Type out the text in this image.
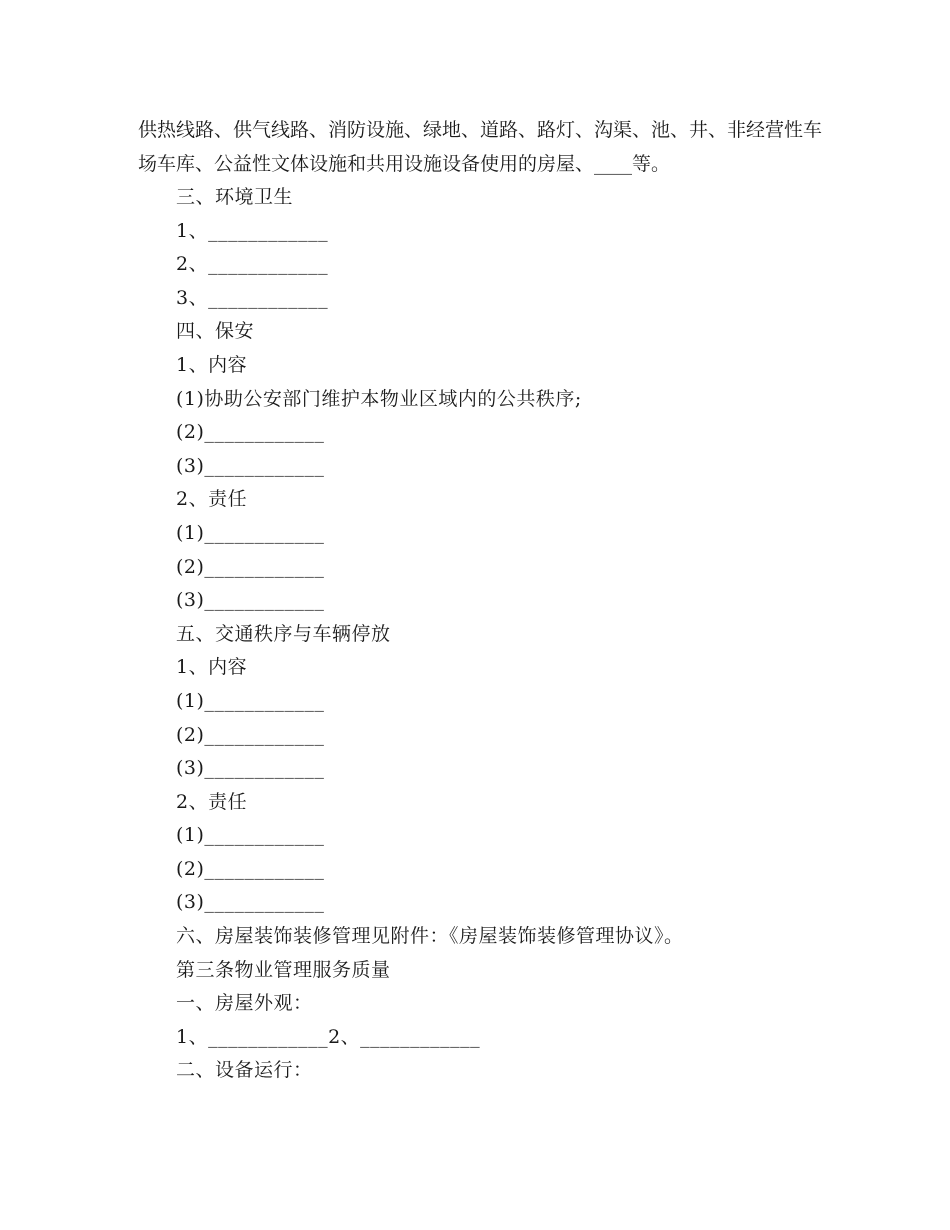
供热线路、供气线路、消防设施、绿地、道路、路灯、沟渠、池、井、非经营性车
场车库、公益性文体设施和共用设施设备使用的房屋、____等。
三、环境卫生
1、____________
2、____________
3、____________
四、保安
1、内容
(1)协助公安部门维护本物业区域内的公共秩序;
(2)____________
(3)____________
2、责任
(1)____________
(2)____________
(3)____________
五、交通秩序与车辆停放
1、内容
(1)____________
(2)____________
(3)____________
2、责任
(1)____________
(2)____________
(3)____________
六、房屋装饰装修管理见附件：《房屋装饰装修管理协议》。
第三条物业管理服务质量
一、房屋外观：
1、____________2、____________
二、设备运行：
